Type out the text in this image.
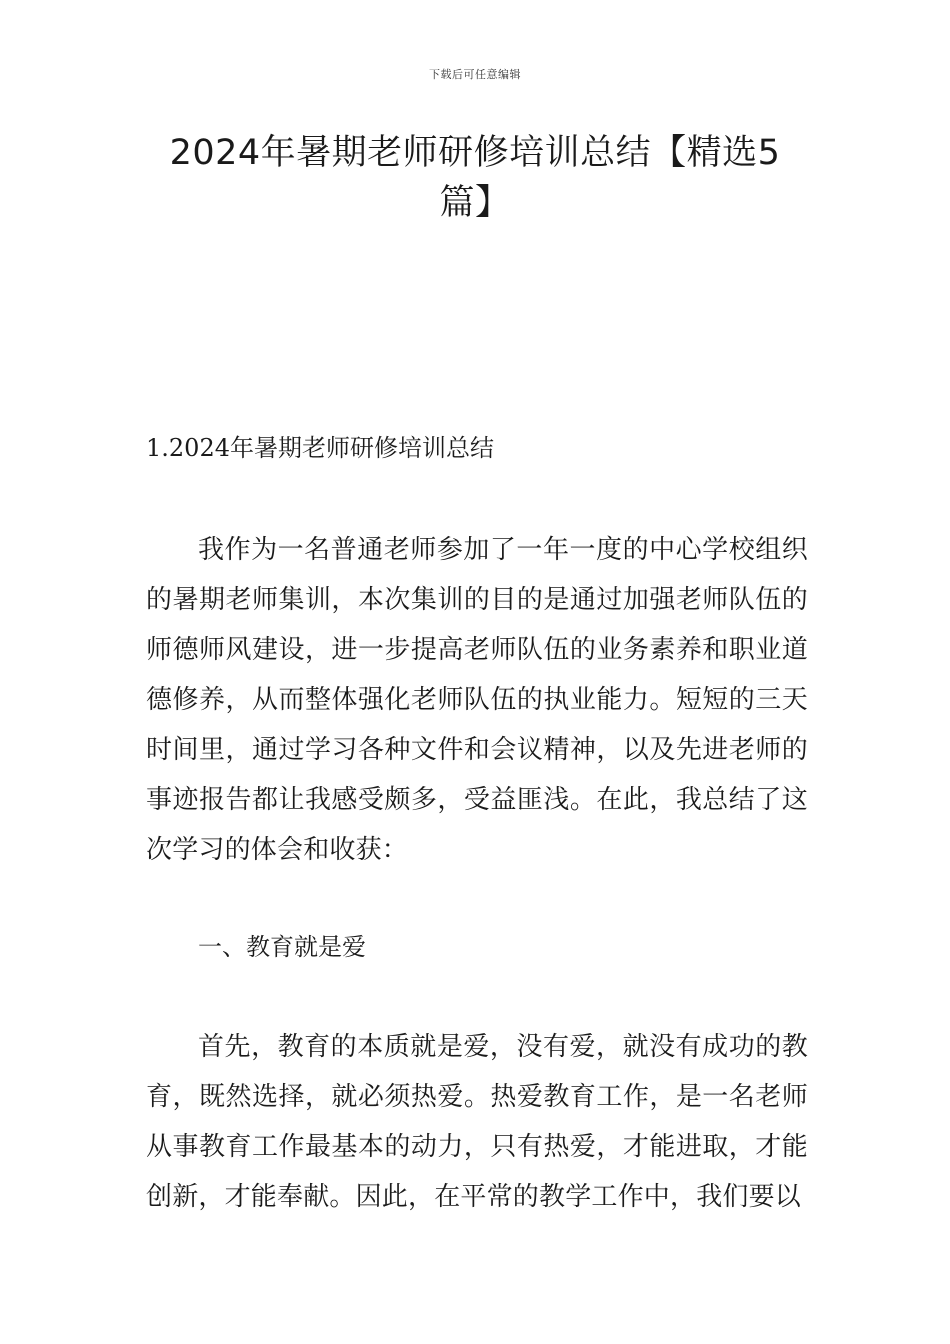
下载后可任意编辑
2024年暑期老师研修培训总结【精选5篇】

1.2024年暑期老师研修培训总结

我作为一名普通老师参加了一年一度的中心学校组织的暑期老师集训，本次集训的目的是通过加强老师队伍的师德师风建设，进一步提高老师队伍的业务素养和职业道德修养，从而整体强化老师队伍的执业能力。短短的三天时间里，通过学习各种文件和会议精神，以及先进老师的事迹报告都让我感受颇多，受益匪浅。在此，我总结了这次学习的体会和收获：

一、教育就是爱

首先，教育的本质就是爱，没有爱，就没有成功的教育，既然选择，就必须热爱。热爱教育工作，是一名老师从事教育工作最基本的动力，只有热爱，才能进取，才能创新，才能奉献。因此，在平常的教学工作中，我们要以
